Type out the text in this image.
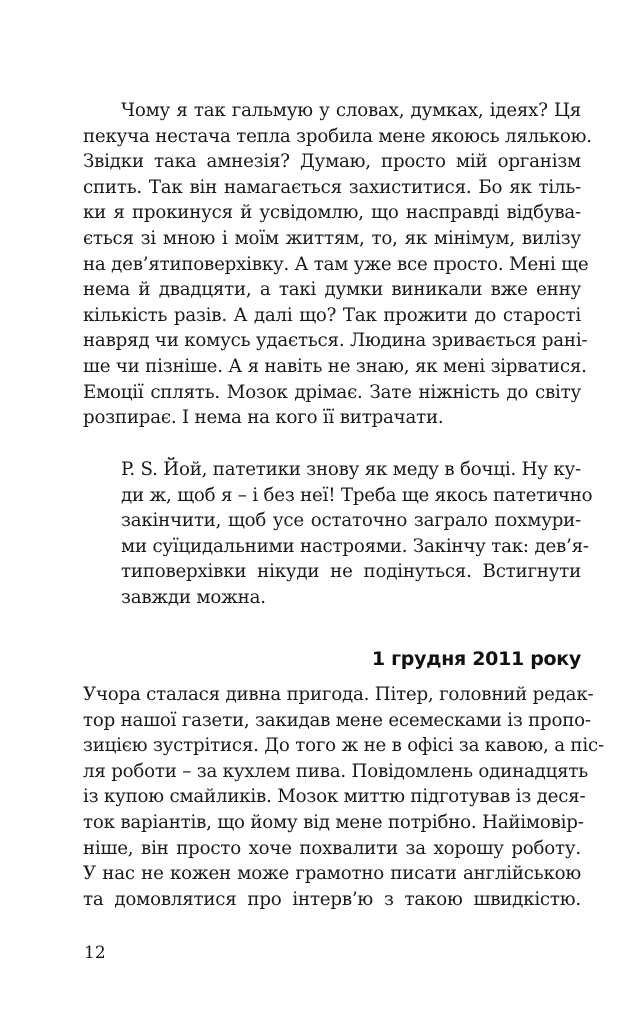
Чому я так гальмую у словах, думках, ідеях? Ця
пекуча нестача тепла зробила мене якоюсь лялькою.
Звідки така амнезія? Думаю, просто мій організм
спить. Так він намагається захиститися. Бо як тіль-
ки я прокинуся й усвідомлю, що насправді відбува-
ється зі мною і моїм життям, то, як мінімум, вилізу
на дев’ятиповерхівку. А там уже все просто. Мені ще
нема й двадцяти, а такі думки виникали вже енну
кількість разів. А далі що? Так прожити до старості
навряд чи комусь удається. Людина зривається рані-
ше чи пізніше. А я навіть не знаю, як мені зірватися.
Емоції сплять. Мозок дрімає. Зате ніжність до світу
розпирає. І нема на кого її витрачати.
P. S. Йой, патетики знову як меду в бочці. Ну ку-
ди ж, щоб я – і без неї! Треба ще якось патетично
закінчити, щоб усе остаточно заграло похмури-
ми суїцидальними настроями. Закінчу так: дев’я-
типоверхівки нікуди не подінуться. Встигнути
завжди можна.
1 грудня 2011 року
Учора сталася дивна пригода. Пітер, головний редак-
тор нашої газети, закидав мене есемесками із пропо-
зицією зустрітися. До того ж не в офісі за кавою, а піс-
ля роботи – за кухлем пива. Повідомлень одинадцять
із купою смайликів. Мозок миттю підготував із деся-
ток варіантів, що йому від мене потрібно. Найімовір-
ніше, він просто хоче похвалити за хорошу роботу.
У нас не кожен може грамотно писати англійською
та домовлятися про інтерв’ю з такою швидкістю.
12
